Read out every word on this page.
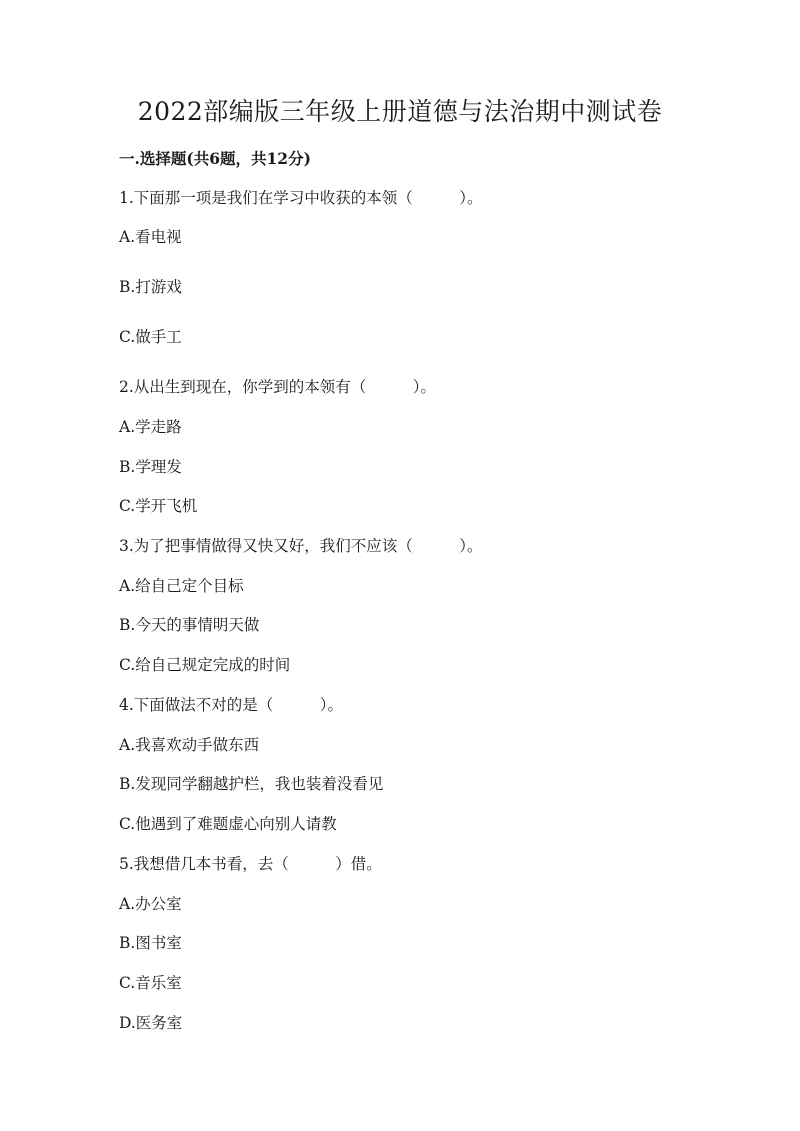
2022部编版三年级上册道德与法治期中测试卷
一.选择题(共6题，共12分)
1.下面那一项是我们在学习中收获的本领（　　　）。
A.看电视
B.打游戏
C.做手工
2.从出生到现在，你学到的本领有（　　　）。
A.学走路
B.学理发
C.学开飞机
3.为了把事情做得又快又好，我们不应该（　　　）。
A.给自己定个目标
B.今天的事情明天做
C.给自己规定完成的时间
4.下面做法不对的是（　　　）。
A.我喜欢动手做东西
B.发现同学翻越护栏，我也装着没看见
C.他遇到了难题虚心向别人请教
5.我想借几本书看，去（　　　）借。
A.办公室
B.图书室
C.音乐室
D.医务室
